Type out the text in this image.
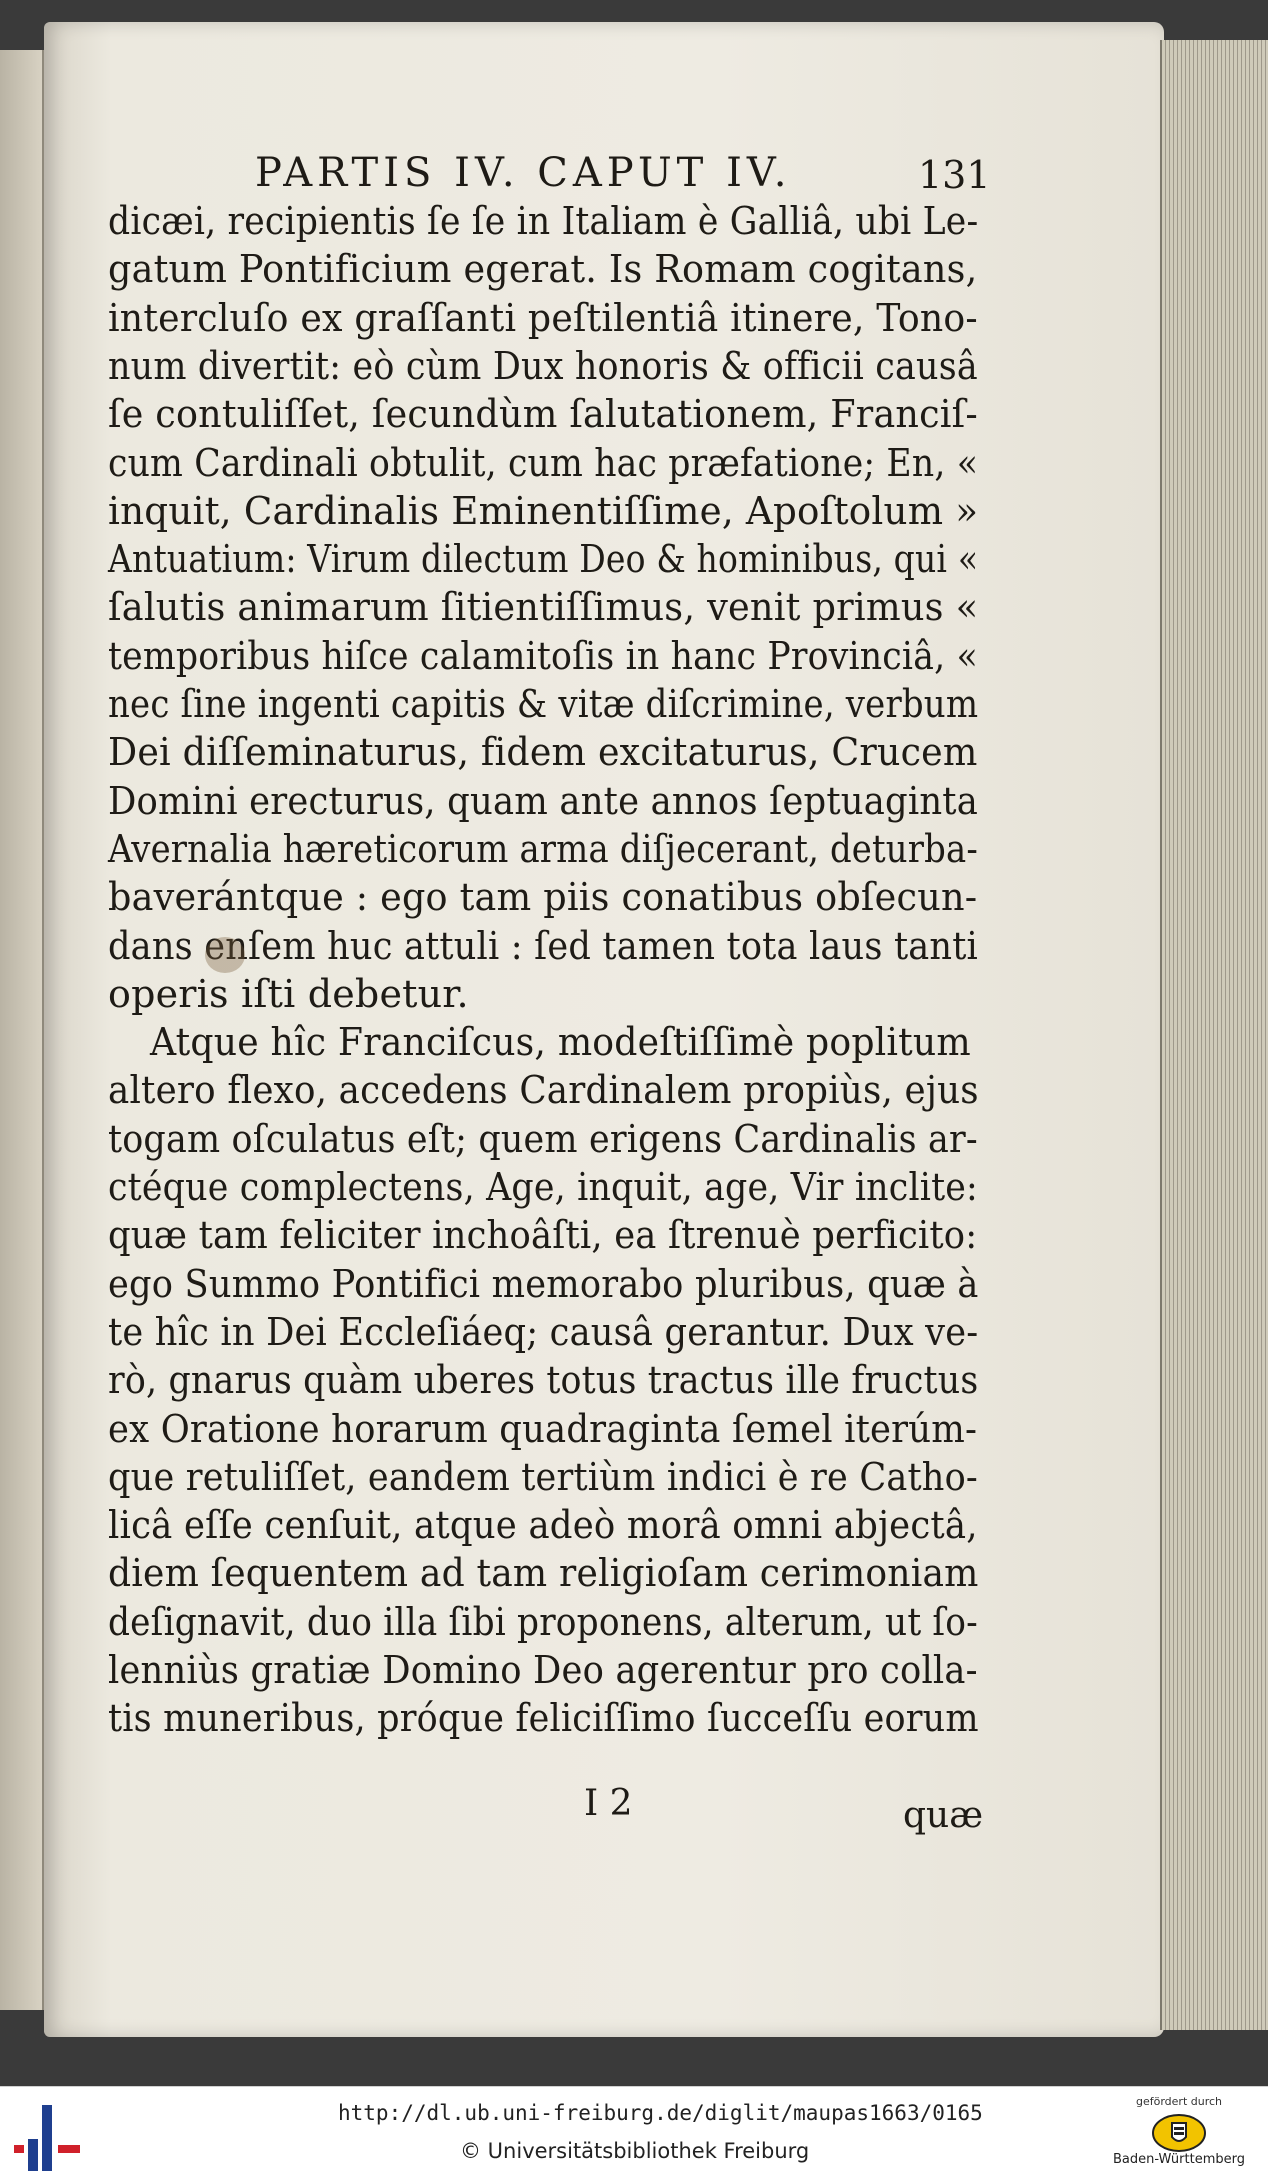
PARTIS IV. CAPUT IV.	131
dicæi, recipientis ſe ſe in Italiam è Galliâ, ubi Le-
gatum Pontificium egerat. Is Romam cogitans,
intercluſo ex graſſanti peſtilentiâ itinere, Tono-
num divertit: eò cùm Dux honoris & officii causâ
ſe contuliſſet, ſecundùm ſalutationem, Franciſ-
cum Cardinali obtulit, cum hac præfatione; En, «
inquit, Cardinalis Eminentiſſime, Apoſtolum »
Antuatium: Virum dilectum Deo & hominibus, qui «
ſalutis animarum ſitientiſſimus, venit primus «
temporibus hiſce calamitoſis in hanc Provinciâ, «
nec ſine ingenti capitis & vitæ diſcrimine, verbum
Dei diſſeminaturus, fidem excitaturus, Crucem
Domini erecturus, quam ante annos ſeptuaginta
Avernalia hæreticorum arma diſjecerant, deturba-
baverántque : ego tam piis conatibus obſecun-
dans enſem huc attuli : ſed tamen tota laus tanti
operis iſti debetur.
Atque hîc Franciſcus, modeſtiſſimè poplitum
altero flexo, accedens Cardinalem propiùs, ejus
togam oſculatus eſt; quem erigens Cardinalis ar-
ctéque complectens, Age, inquit, age, Vir inclite:
quæ tam feliciter inchoâſti, ea ſtrenuè perficito:
ego Summo Pontifici memorabo pluribus, quæ à
te hîc in Dei Eccleſiáeq; causâ gerantur. Dux ve-
rò, gnarus quàm uberes totus tractus ille fructus
ex Oratione horarum quadraginta ſemel iterúm-
que retuliſſet, eandem tertiùm indici è re Catho-
licâ eſſe cenſuit, atque adeò morâ omni abjectâ,
diem ſequentem ad tam religioſam cerimoniam
deſignavit, duo illa ſibi proponens, alterum, ut ſo-
lenniùs gratiæ Domino Deo agerentur pro colla-
tis muneribus, próque feliciſſimo ſucceſſu eorum
I 2	quæ
http://dl.ub.uni-freiburg.de/diglit/maupas1663/0165
© Universitätsbibliothek Freiburg
gefördert durch
Baden-Württemberg
